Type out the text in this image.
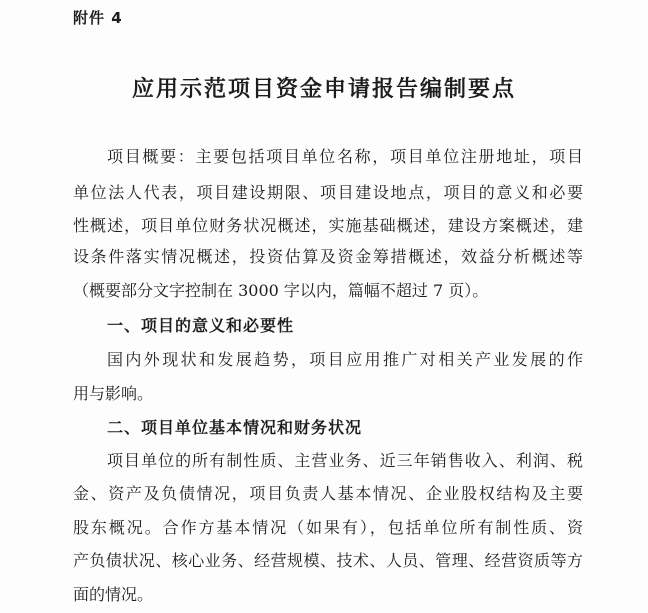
附件 4
应用示范项目资金申请报告编制要点
项目概要：主要包括项目单位名称，项目单位注册地址，项目
单位法人代表，项目建设期限、项目建设地点，项目的意义和必要
性概述，项目单位财务状况概述，实施基础概述，建设方案概述，建
设条件落实情况概述，投资估算及资金筹措概述，效益分析概述等
（概要部分文字控制在 3000 字以内，篇幅不超过 7 页）。
一、项目的意义和必要性
国内外现状和发展趋势，项目应用推广对相关产业发展的作
用与影响。
二、项目单位基本情况和财务状况
项目单位的所有制性质、主营业务、近三年销售收入、利润、税
金、资产及负债情况，项目负责人基本情况、企业股权结构及主要
股东概况。合作方基本情况（如果有），包括单位所有制性质、资
产负债状况、核心业务、经营规模、技术、人员、管理、经营资质等方
面的情况。
